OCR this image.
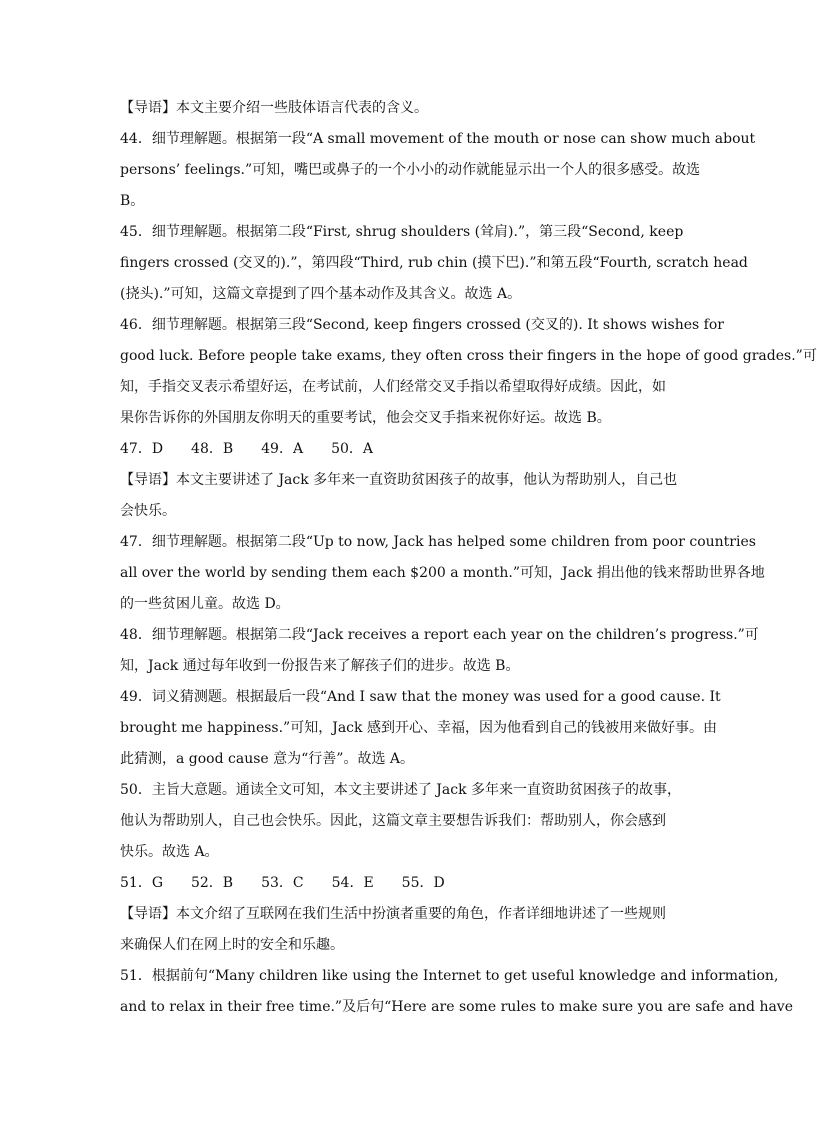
【导语】本文主要介绍一些肢体语言代表的含义。
44．细节理解题。根据第一段“A small movement of the mouth or nose can show much about
persons’ feelings.”可知，嘴巴或鼻子的一个小小的动作就能显示出一个人的很多感受。故选
B。
45．细节理解题。根据第二段“First, shrug shoulders (耸肩).”，第三段“Second, keep
fingers crossed (交叉的).”，第四段“Third, rub chin (摸下巴).”和第五段“Fourth, scratch head
(挠头).”可知，这篇文章提到了四个基本动作及其含义。故选 A。
46．细节理解题。根据第三段“Second, keep fingers crossed (交叉的). It shows wishes for
good luck. Before people take exams, they often cross their fingers in the hope of good grades.”可
知，手指交叉表示希望好运，在考试前，人们经常交叉手指以希望取得好成绩。因此，如
果你告诉你的外国朋友你明天的重要考试，他会交叉手指来祝你好运。故选 B。
47．D　　48．B　　49．A　　50．A
【导语】本文主要讲述了 Jack 多年来一直资助贫困孩子的故事，他认为帮助别人，自己也
会快乐。
47．细节理解题。根据第二段“Up to now, Jack has helped some children from poor countries
all over the world by sending them each $200 a month.”可知，Jack 捐出他的钱来帮助世界各地
的一些贫困儿童。故选 D。
48．细节理解题。根据第二段“Jack receives a report each year on the children’s progress.”可
知，Jack 通过每年收到一份报告来了解孩子们的进步。故选 B。
49．词义猜测题。根据最后一段“And I saw that the money was used for a good cause. It
brought me happiness.”可知，Jack 感到开心、幸福，因为他看到自己的钱被用来做好事。由
此猜测，a good cause 意为“行善”。故选 A。
50．主旨大意题。通读全文可知，本文主要讲述了 Jack 多年来一直资助贫困孩子的故事，
他认为帮助别人，自己也会快乐。因此，这篇文章主要想告诉我们：帮助别人，你会感到
快乐。故选 A。
51．G　　52．B　　53．C　　54．E　　55．D
【导语】本文介绍了互联网在我们生活中扮演者重要的角色，作者详细地讲述了一些规则
来确保人们在网上时的安全和乐趣。
51．根据前句“Many children like using the Internet to get useful knowledge and information,
and to relax in their free time.”及后句“Here are some rules to make sure you are safe and have
